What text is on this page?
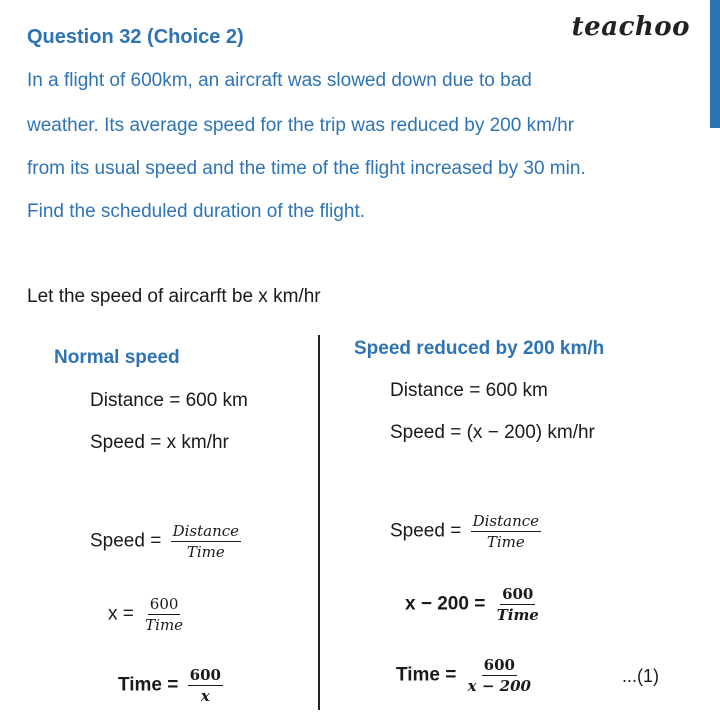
Question 32 (Choice 2)	teachoo
In a flight of 600km, an aircraft was slowed down due to bad
weather. Its average speed for the trip was reduced by 200 km/hr
from its usual speed and the time of the flight increased by 30 min.
Find the scheduled duration of the flight.
Let the speed of aircarft be x km/hr
Normal speed
Distance = 600 km
Speed = x km/hr
Speed = $\frac{\text{Distance}}{\text{Time}}$
$x = \frac{600}{\text{Time}}$
Time = $\frac{600}{x}$
Speed reduced by 200 km/h
Distance = 600 km
Speed = (x − 200) km/hr
Speed = $\frac{\text{Distance}}{\text{Time}}$
$x - 200 = \frac{600}{\text{Time}}$
Time = $\frac{600}{x - 200}$	...(1)
